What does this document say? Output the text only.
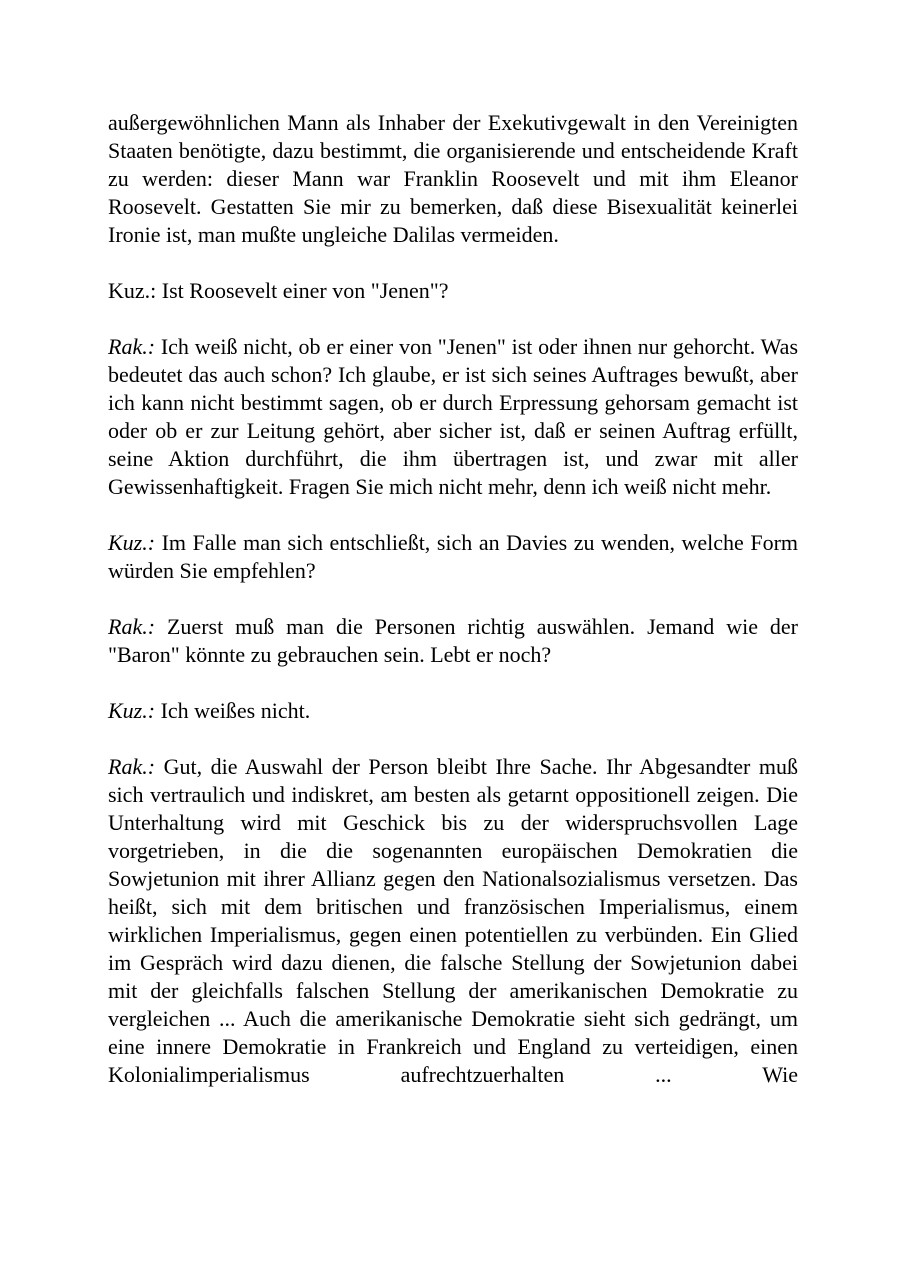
außergewöhnlichen Mann als Inhaber der Exekutivgewalt in den Vereinigten Staaten benötigte, dazu bestimmt, die organisierende und entscheidende Kraft zu werden: dieser Mann war Franklin Roosevelt und mit ihm Eleanor Roosevelt. Gestatten Sie mir zu bemerken, daß diese Bisexualität keinerlei Ironie ist, man mußte ungleiche Dalilas vermeiden.

Kuz.: Ist Roosevelt einer von "Jenen"?

Rak.: Ich weiß nicht, ob er einer von "Jenen" ist oder ihnen nur gehorcht. Was bedeutet das auch schon? Ich glaube, er ist sich seines Auftrages bewußt, aber ich kann nicht bestimmt sagen, ob er durch Erpressung gehorsam gemacht ist oder ob er zur Leitung gehört, aber sicher ist, daß er seinen Auftrag erfüllt, seine Aktion durchführt, die ihm übertragen ist, und zwar mit aller Gewissenhaftigkeit. Fragen Sie mich nicht mehr, denn ich weiß nicht mehr.

Kuz.: Im Falle man sich entschließt, sich an Davies zu wenden, welche Form würden Sie empfehlen?

Rak.: Zuerst muß man die Personen richtig auswählen. Jemand wie der "Baron" könnte zu gebrauchen sein. Lebt er noch?

Kuz.: Ich weißes nicht.

Rak.: Gut, die Auswahl der Person bleibt Ihre Sache. Ihr Abgesandter muß sich vertraulich und indiskret, am besten als getarnt oppositionell zeigen. Die Unterhaltung wird mit Geschick bis zu der widerspruchsvollen Lage vorgetrieben, in die die sogenannten europäischen Demokratien die Sowjetunion mit ihrer Allianz gegen den Nationalsozialismus versetzen. Das heißt, sich mit dem britischen und französischen Imperialismus, einem wirklichen Imperialismus, gegen einen potentiellen zu verbünden. Ein Glied im Gespräch wird dazu dienen, die falsche Stellung der Sowjetunion dabei mit der gleichfalls falschen Stellung der amerikanischen Demokratie zu vergleichen ... Auch die amerikanische Demokratie sieht sich gedrängt, um eine innere Demokratie in Frankreich und England zu verteidigen, einen Kolonialimperialismus aufrechtzuerhalten ... Wie
